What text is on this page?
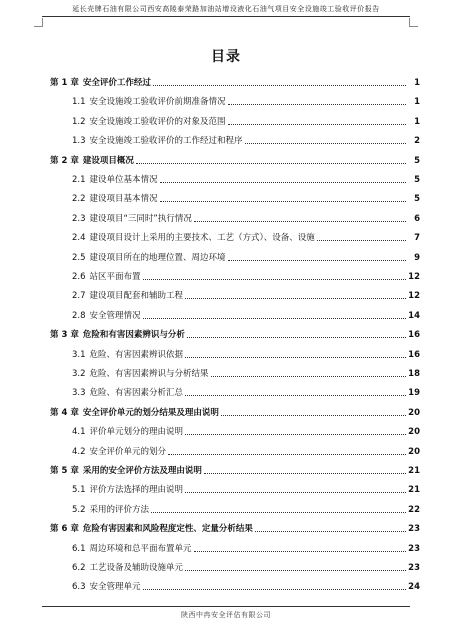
延长壳牌石油有限公司西安高陵泰荣路加油站增设液化石油气项目安全设施竣工验收评价报告
目录
第 1 章 安全评价工作经过	1
1.1 安全设施竣工验收评价前期准备情况	1
1.2 安全设施竣工验收评价的对象及范围	1
1.3 安全设施竣工验收评价的工作经过和程序	2
第 2 章 建设项目概况	5
2.1 建设单位基本情况	5
2.2 建设项目基本情况	5
2.3 建设项目“三同时”执行情况	6
2.4 建设项目设计上采用的主要技术、工艺（方式）、设备、设施	7
2.5 建设项目所在的地理位置、周边环境	9
2.6 站区平面布置	12
2.7 建设项目配套和辅助工程	12
2.8 安全管理情况	14
第 3 章 危险和有害因素辨识与分析	16
3.1 危险、有害因素辨识依据	16
3.2 危险、有害因素辨识与分析结果	18
3.3 危险、有害因素分析汇总	19
第 4 章 安全评价单元的划分结果及理由说明	20
4.1 评价单元划分的理由说明	20
4.2 安全评价单元的划分	20
第 5 章 采用的安全评价方法及理由说明	21
5.1 评价方法选择的理由说明	21
5.2 采用的评价方法	22
第 6 章 危险有害因素和风险程度定性、定量分析结果	23
6.1 周边环境和总平面布置单元	23
6.2 工艺设备及辅助设施单元	23
6.3 安全管理单元	24
陕西中冉安全评估有限公司
